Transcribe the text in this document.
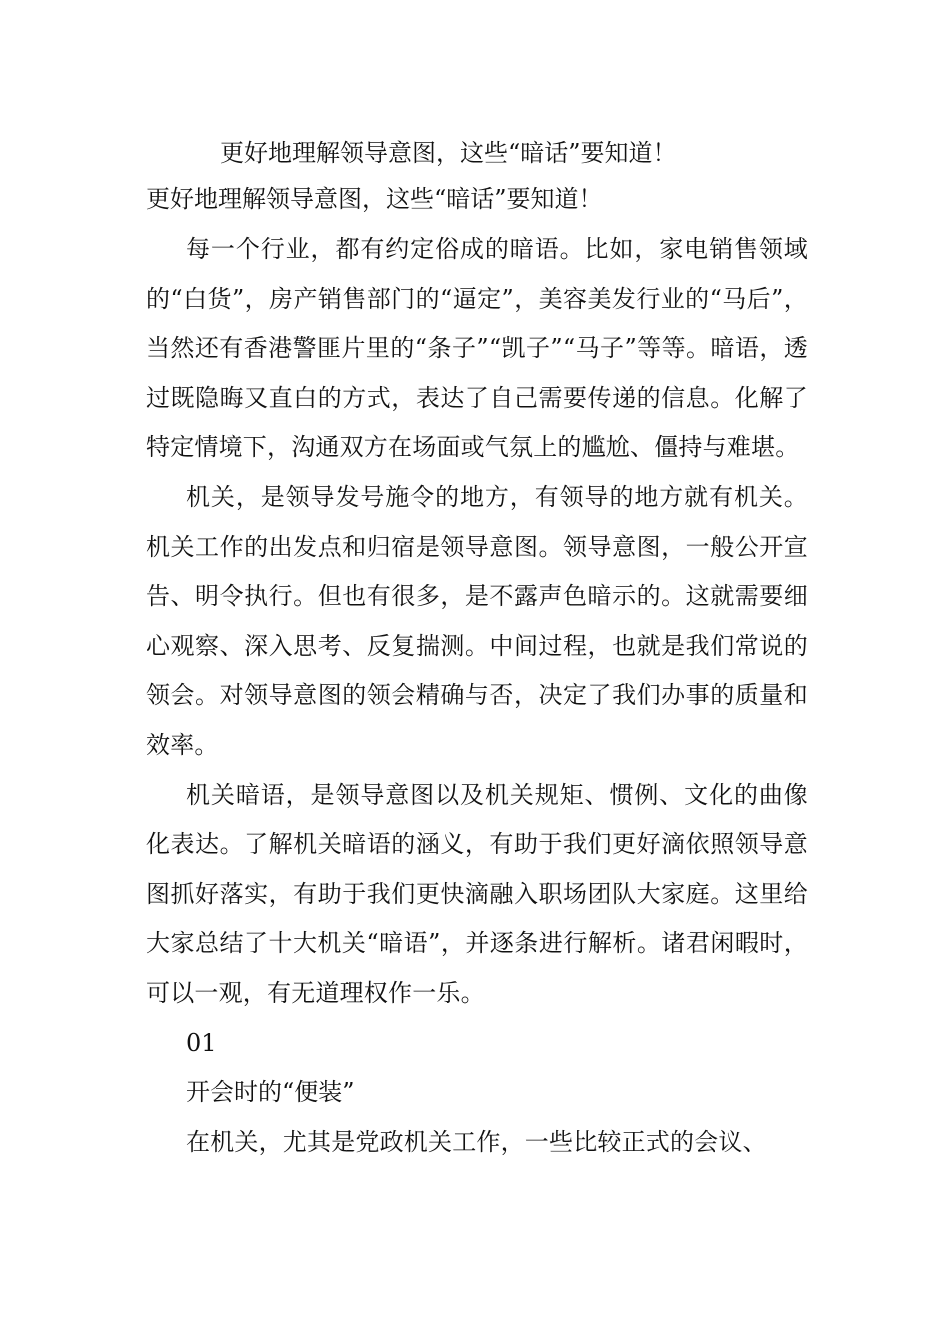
更好地理解领导意图，这些“暗话”要知道！
更好地理解领导意图，这些“暗话”要知道！

每一个行业，都有约定俗成的暗语。比如，家电销售领域的“白货”，房产销售部门的“逼定”，美容美发行业的“马后”，当然还有香港警匪片里的“条子”“凯子”“马子”等等。暗语，透过既隐晦又直白的方式，表达了自己需要传递的信息。化解了特定情境下，沟通双方在场面或气氛上的尴尬、僵持与难堪。

机关，是领导发号施令的地方，有领导的地方就有机关。机关工作的出发点和归宿是领导意图。领导意图，一般公开宣告、明令执行。但也有很多，是不露声色暗示的。这就需要细心观察、深入思考、反复揣测。中间过程，也就是我们常说的领会。对领导意图的领会精确与否，决定了我们办事的质量和效率。

机关暗语，是领导意图以及机关规矩、惯例、文化的曲像化表达。了解机关暗语的涵义，有助于我们更好滴依照领导意图抓好落实，有助于我们更快滴融入职场团队大家庭。这里给大家总结了十大机关“暗语”，并逐条进行解析。诸君闲暇时，可以一观，有无道理权作一乐。

01

开会时的“便装”

在机关，尤其是党政机关工作，一些比较正式的会议、
